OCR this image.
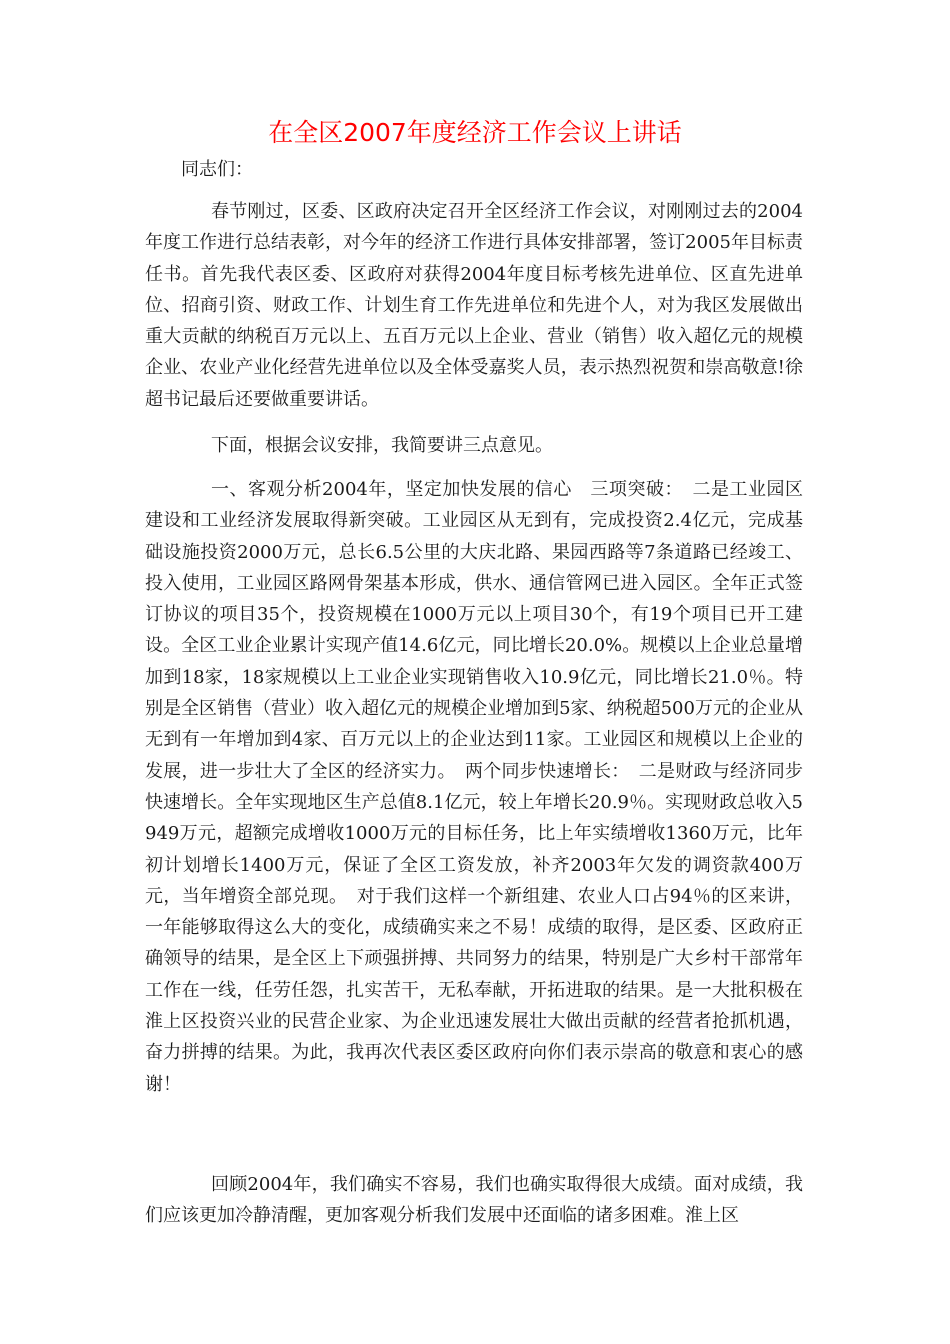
在全区2007年度经济工作会议上讲话
同志们：

春节刚过，区委、区政府决定召开全区经济工作会议，对刚刚过去的2004年度工作进行总结表彰，对今年的经济工作进行具体安排部署，签订2005年目标责任书。首先我代表区委、区政府对获得2004年度目标考核先进单位、区直先进单位、招商引资、财政工作、计划生育工作先进单位和先进个人，对为我区发展做出重大贡献的纳税百万元以上、五百万元以上企业、营业（销售）收入超亿元的规模企业、农业产业化经营先进单位以及全体受嘉奖人员，表示热烈祝贺和崇高敬意!徐超书记最后还要做重要讲话。

下面，根据会议安排，我简要讲三点意见。

一、客观分析2004年，坚定加快发展的信心　三项突破：　二是工业园区建设和工业经济发展取得新突破。工业园区从无到有，完成投资2.4亿元，完成基础设施投资2000万元，总长6.5公里的大庆北路、果园西路等7条道路已经竣工、投入使用，工业园区路网骨架基本形成，供水、通信管网已进入园区。全年正式签订协议的项目35个，投资规模在1000万元以上项目30个，有19个项目已开工建设。全区工业企业累计实现产值14.6亿元，同比增长20.0%。规模以上企业总量增加到18家，18家规模以上工业企业实现销售收入10.9亿元，同比增长21.0％。特别是全区销售（营业）收入超亿元的规模企业增加到5家、纳税超500万元的企业从无到有一年增加到4家、百万元以上的企业达到11家。工业园区和规模以上企业的发展，进一步壮大了全区的经济实力。　两个同步快速增长：　二是财政与经济同步快速增长。全年实现地区生产总值8.1亿元，较上年增长20.9％。实现财政总收入5949万元，超额完成增收1000万元的目标任务，比上年实绩增收1360万元，比年初计划增长1400万元，保证了全区工资发放，补齐2003年欠发的调资款400万元，当年增资全部兑现。　对于我们这样一个新组建、农业人口占94％的区来讲，一年能够取得这么大的变化，成绩确实来之不易！成绩的取得，是区委、区政府正确领导的结果，是全区上下顽强拼搏、共同努力的结果，特别是广大乡村干部常年工作在一线，任劳任怨，扎实苦干，无私奉献，开拓进取的结果。是一大批积极在淮上区投资兴业的民营企业家、为企业迅速发展壮大做出贡献的经营者抢抓机遇，奋力拼搏的结果。为此，我再次代表区委区政府向你们表示崇高的敬意和衷心的感谢！

回顾2004年，我们确实不容易，我们也确实取得很大成绩。面对成绩，我们应该更加冷静清醒，更加客观分析我们发展中还面临的诸多困难。淮上区
